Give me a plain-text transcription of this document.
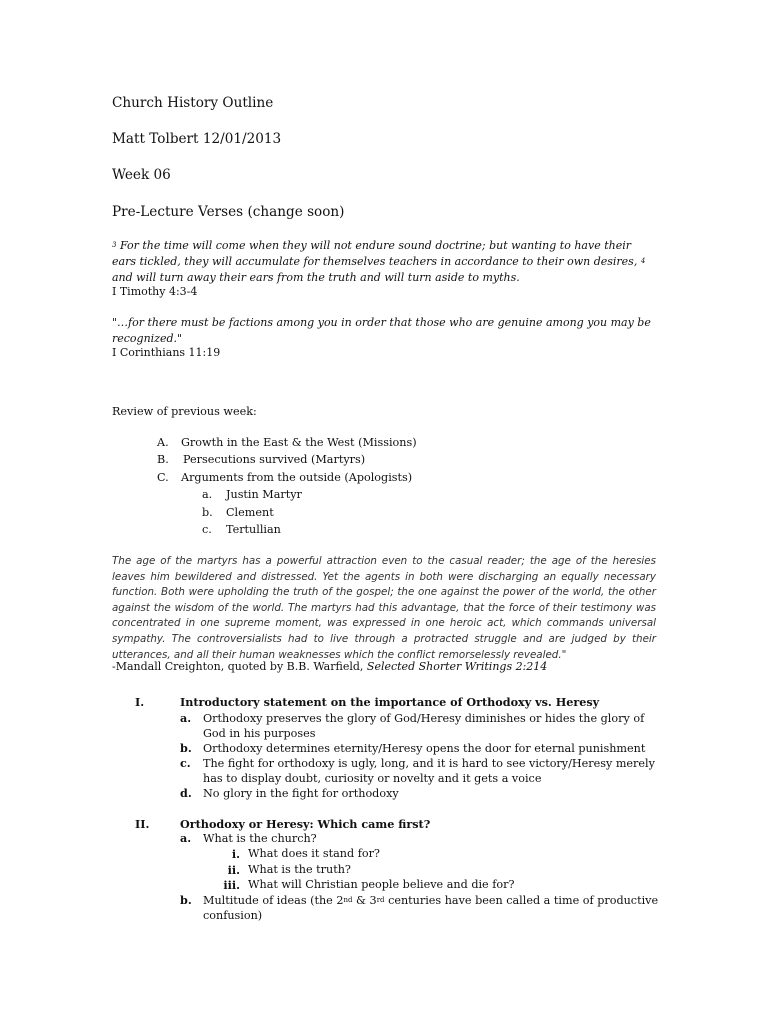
Church History Outline
Matt Tolbert 12/01/2013
Week 06
Pre-Lecture Verses (change soon)
$^3$ For the time will come when they will not endure sound doctrine; but wanting to have their ears tickled, they will accumulate for themselves teachers in accordance to their own desires, $^4$ and will turn away their ears from the truth and will turn aside to myths.
I Timothy 4:3-4
"…for there must be factions among you in order that those who are genuine among you may be recognized."
I Corinthians 11:19
Review of previous week:
A. Growth in the East & the West (Missions)
B. Persecutions survived (Martyrs)
C. Arguments from the outside (Apologists)
a. Justin Martyr
b. Clement
c. Tertullian
The age of the martyrs has a powerful attraction even to the casual reader; the age of the heresies leaves him bewildered and distressed. Yet the agents in both were discharging an equally necessary function. Both were upholding the truth of the gospel; the one against the power of the world, the other against the wisdom of the world. The martyrs had this advantage, that the force of their testimony was concentrated in one supreme moment, was expressed in one heroic act, which commands universal sympathy. The controversialists had to live through a protracted struggle and are judged by their utterances, and all their human weaknesses which the conflict remorselessly revealed."
-Mandall Creighton, quoted by B.B. Warfield, Selected Shorter Writings 2:214
I.	Introductory statement on the importance of Orthodoxy vs. Heresy
a. Orthodoxy preserves the glory of God/Heresy diminishes or hides the glory of God in his purposes
b. Orthodoxy determines eternity/Heresy opens the door for eternal punishment
c. The fight for orthodoxy is ugly, long, and it is hard to see victory/Heresy merely has to display doubt, curiosity or novelty and it gets a voice
d. No glory in the fight for orthodoxy
II.	Orthodoxy or Heresy: Which came first?
a. What is the church?
i. What does it stand for?
ii. What is the truth?
iii. What will Christian people believe and die for?
b. Multitude of ideas (the 2nd & 3rd centuries have been called a time of productive confusion)
